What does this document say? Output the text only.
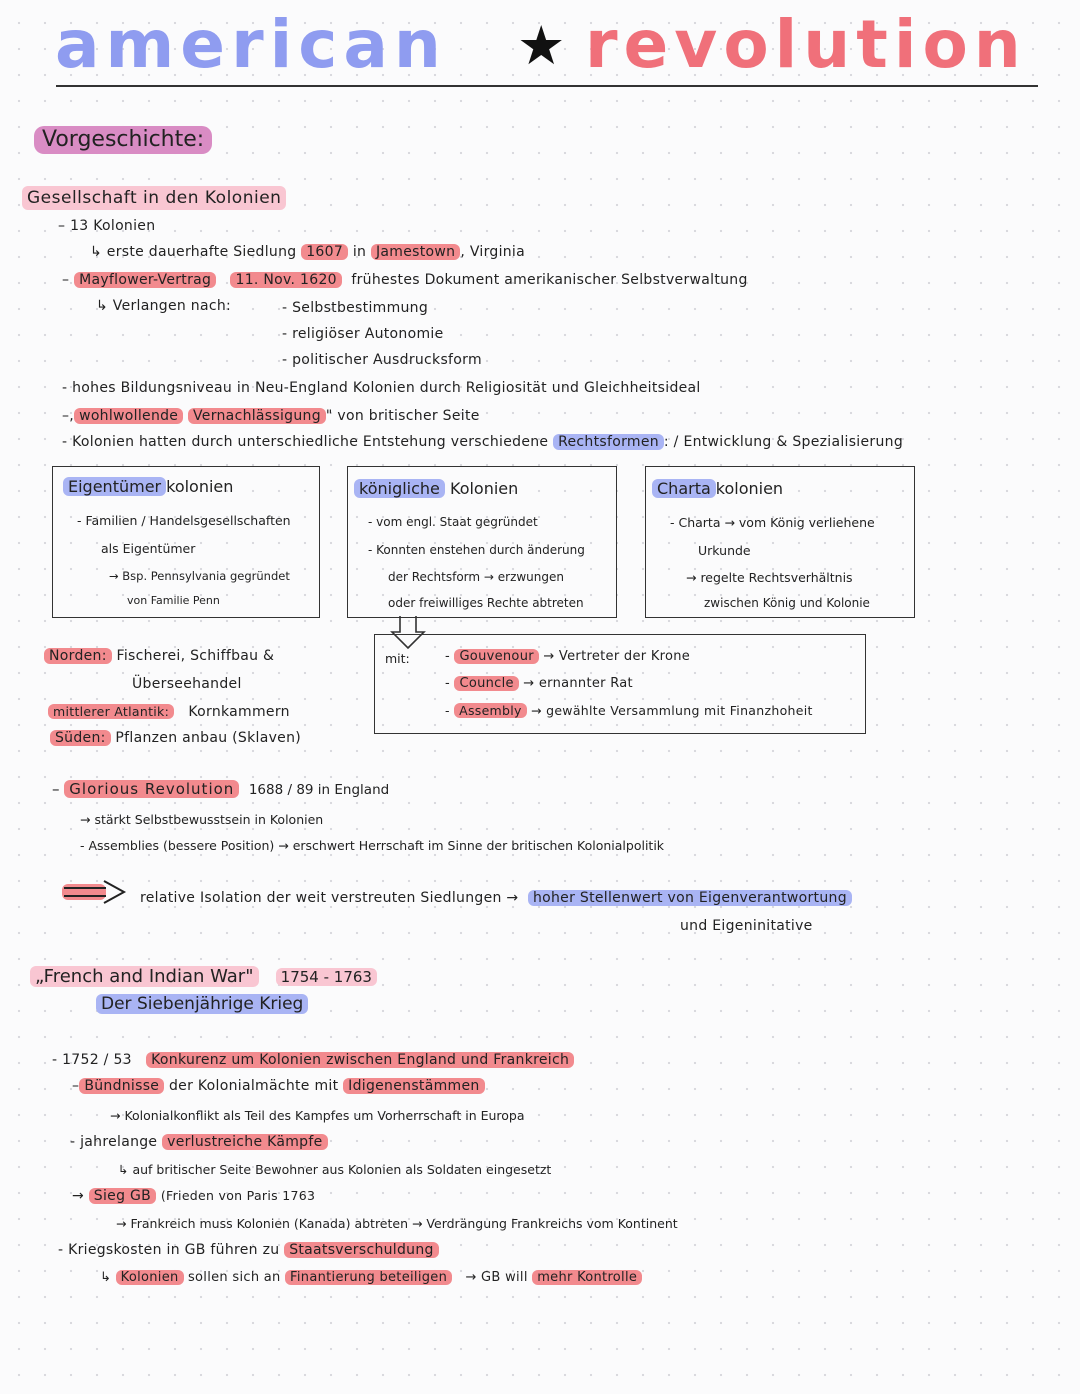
american ★ revolution
Vorgeschichte:
Gesellschaft in den Kolonien
– 13 Kolonien
↳ erste dauerhafte Siedlung 1607 in Jamestown , Virginia
– Mayflower-Vertrag 11. Nov. 1620 frühestes Dokument amerikanischer Selbstverwaltung
↳ Verlangen nach:	- Selbstbestimmung
- religiöser Autonomie
- politischer Ausdrucksform
- hohes Bildungsniveau in Neu-England Kolonien durch Religiosität und Gleichheitsideal
–, wohlwollende Vernachlässigung " von britischer Seite
- Kolonien hatten durch unterschiedliche Entstehung verschiedene Rechtsformen : / Entwicklung & Spezialisierung
Eigentümer kolonien
- Familien / Handelsgesellschaften
als Eigentümer
→ Bsp. Pennsylvania gegründet
von Familie Penn
königliche Kolonien
- vom engl. Staat gegründet
- Konnten enstehen durch änderung
der Rechtsform → erzwungen
oder freiwilliges Rechte abtreten
Charta kolonien
- Charta → vom König verliehene
Urkunde
→ regelte Rechtsverhältnis
zwischen König und Kolonie
mit:	- Gouvenour → Vertreter der Krone
- Councle → ernannter Rat
- Assembly → gewählte Versammlung mit Finanzhoheit
Norden: Fischerei, Schiffbau &
Überseehandel
mittlerer Atlantik: Kornkammern
Süden: Pflanzen anbau (Sklaven)
– Glorious Revolution 1688 / 89 in England
→ stärkt Selbstbewusstsein in Kolonien
- Assemblies (bessere Position) → erschwert Herrschaft im Sinne der britischen Kolonialpolitik
relative Isolation der weit verstreuten Siedlungen → hoher Stellenwert von Eigenverantwortung
und Eigeninitative
„French and Indian War" 1754 - 1763
Der Siebenjährige Krieg
- 1752 / 53 Konkurenz um Kolonien zwischen England und Frankreich
– Bündnisse der Kolonialmächte mit Idigenenstämmen
→ Kolonialkonflikt als Teil des Kampfes um Vorherrschaft in Europa
- jahrelange verlustreiche Kämpfe
↳ auf britischer Seite Bewohner aus Kolonien als Soldaten eingesetzt
→ Sieg GB (Frieden von Paris 1763
→ Frankreich muss Kolonien (Kanada) abtreten → Verdrängung Frankreichs vom Kontinent
- Kriegskosten in GB führen zu Staatsverschuldung
↳ Kolonien sollen sich an Finantierung beteiligen → GB will mehr Kontrolle
